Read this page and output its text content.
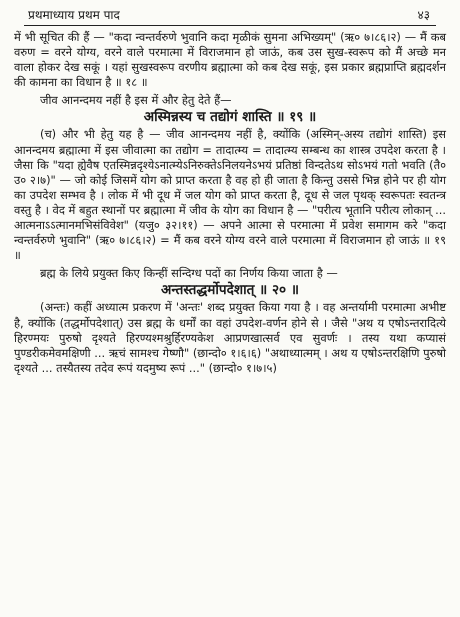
प्रथमाध्याय प्रथम पाद	४३

में भी सूचित की हैं — "कदा न्वन्तर्वरुणे भुवानि कदा मृळीकं सुमना अभिख्यम्" (ऋ० ७।८६।२) — मैं कब वरुण = वरने योग्य, वरने वाले परमात्मा में विराजमान हो जाऊं, कब उस सुख-स्वरूप को मैं अच्छे मन वाला होकर देख सकूं । यहां सुखस्वरूप वरणीय ब्रह्मात्मा को कब देख सकूं, इस प्रकार ब्रह्मप्राप्ति ब्रह्मदर्शन की कामना का विधान है ॥ १८ ॥

जीव आनन्दमय नहीं है इस में और हेतु देते हैं—

अस्मिन्नस्य च तद्योगं शास्ति ॥ १९ ॥

(च) और भी हेतु यह है — जीव आनन्दमय नहीं है, क्योंकि (अस्मिन्-अस्य तद्योगं शास्ति) इस आनन्दमय ब्रह्मात्मा में इस जीवात्मा का तद्योग = तादात्म्य = तादात्म्य सम्बन्ध का शास्त्र उपदेश करता है । जैसा कि "यदा ह्येवैष एतस्मिन्नदृश्येऽनात्म्येऽनिरुक्तेऽनिलयनेऽभयं प्रतिष्ठां विन्दतेऽथ सोऽभयं गतो भवति (तै० उ० २।७)" — जो कोई जिसमें योग को प्राप्त करता है वह हो ही जाता है किन्तु उससे भिन्न होने पर ही योग का उपदेश सम्भव है । लोक में भी दूध में जल योग को प्राप्त करता है, दूध से जल पृथक् स्वरूपतः स्वतन्त्र वस्तु है । वेद में बहुत स्थानों पर ब्रह्मात्मा में जीव के योग का विधान है — "परीत्य भूतानि परीत्य लोकान् ... आत्मनाऽऽत्मानमभिसंविवेश" (यजु० ३२।११) — अपने आत्मा से परमात्मा में प्रवेश समागम करे "कदा न्वन्तर्वरुणे भुवानि" (ऋ० ७।८६।२) = मैं कब वरने योग्य वरने वाले परमात्मा में विराजमान हो जाऊं ॥ १९ ॥

ब्रह्म के लिये प्रयुक्त किए किन्हीं सन्दिग्ध पदों का निर्णय किया जाता है —

अन्तस्तद्धर्मोपदेशात् ॥ २० ॥

(अन्तः) कहीं अध्यात्म प्रकरण में 'अन्तः' शब्द प्रयुक्त किया गया है । वह अन्तर्यामी परमात्मा अभीष्ट है, क्योंकि (तद्धर्मोपदेशात्) उस ब्रह्म के धर्मों का वहां उपदेश-वर्णन होने से । जैसे "अथ य एषोऽन्तरादित्ये हिरण्मयः पुरुषो दृश्यते हिरण्यश्मश्रुर्हिरण्यकेश आप्रणखात्सर्व एव सुवर्णः । तस्य यथा कप्यासं पुण्डरीकमेवमक्षिणी ... ऋचं सामश्च गेष्णौ" (छान्दो० १।६।६) "अथाध्यात्मम् । अथ य एषोऽन्तरक्षिणि पुरुषो दृश्यते ... तस्यैतस्य तदेव रूपं यदमुष्य रूपं ..." (छान्दो० १।७।५)
